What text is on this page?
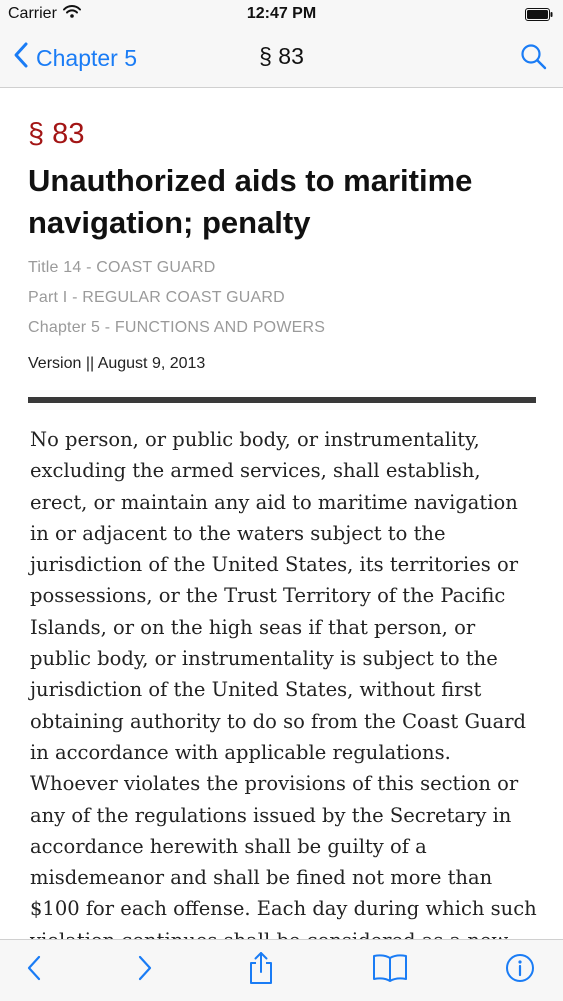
Carrier	12:47 PM
Chapter 5	§ 83
§ 83
Unauthorized aids to maritime navigation; penalty
Title 14 - COAST GUARD
Part I - REGULAR COAST GUARD
Chapter 5 - FUNCTIONS AND POWERS
Version || August 9, 2013

No person, or public body, or instrumentality, excluding the armed services, shall establish, erect, or maintain any aid to maritime navigation in or adjacent to the waters subject to the jurisdiction of the United States, its territories or possessions, or the Trust Territory of the Pacific Islands, or on the high seas if that person, or public body, or instrumentality is subject to the jurisdiction of the United States, without first obtaining authority to do so from the Coast Guard in accordance with applicable regulations. Whoever violates the provisions of this section or any of the regulations issued by the Secretary in accordance herewith shall be guilty of a misdemeanor and shall be fined not more than $100 for each offense. Each day during which such
